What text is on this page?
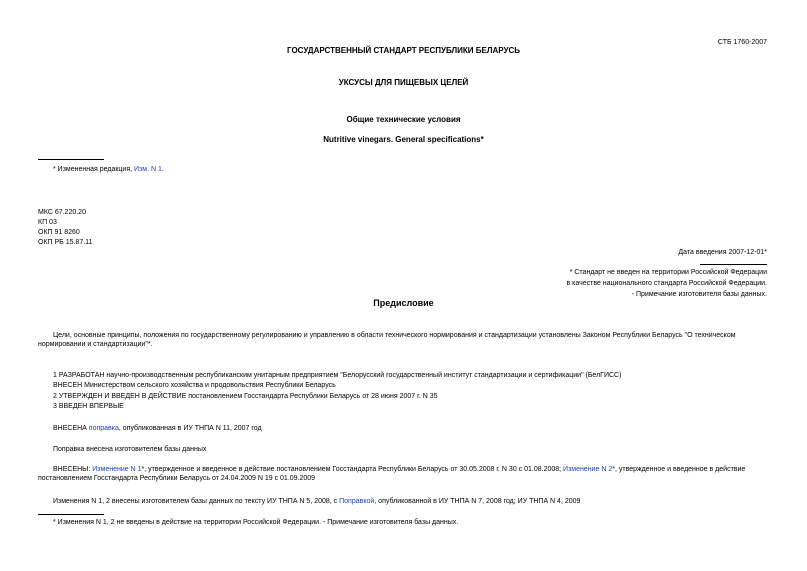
СТБ 1760-2007
ГОСУДАРСТВЕННЫЙ СТАНДАРТ РЕСПУБЛИКИ БЕЛАРУСЬ
УКСУСЫ ДЛЯ ПИЩЕВЫХ ЦЕЛЕЙ
Общие технические условия
Nutritive vinegars. General specifications*
* Измененная редакция, Изм. N 1.
МКС 67.220.20
КП 03
ОКП 91 8260
ОКП РБ 15.87.11
Дата введения 2007-12-01*
* Стандарт не введен на территории Российской Федерации
в качестве национального стандарта Российской Федерации.
- Примечание изготовителя базы данных.
Предисловие
Цели, основные принципы, положения по государственному регулированию и управлению в области технического нормирования и стандартизации установлены Законом Республики Беларусь "О техническом нормировании и стандартизации"*.
1 РАЗРАБОТАН научно-производственным республиканским унитарным предприятием "Белорусский государственный институт стандартизации и сертификации" (БелГИСС)
ВНЕСЕН Министерством сельского хозяйства и продовольствия Республики Беларусь
2 УТВЕРЖДЕН И ВВЕДЕН В ДЕЙСТВИЕ постановлением Госстандарта Республики Беларусь от 28 июня 2007 г. N 35
3 ВВЕДЕН ВПЕРВЫЕ
ВНЕСЕНА поправка, опубликованная в ИУ ТНПА N 11, 2007 год
Поправка внесена изготовителем базы данных
ВНЕСЕНЫ: Изменение N 1*, утвержденное и введенное в действие постановлением Госстандарта Республики Беларусь от 30.05.2008 г. N 30 с 01.08.2008; Изменение N 2*, утвержденное и введенное в действие постановлением Госстандарта Республики Беларусь от 24.04.2009 N 19 с 01.09.2009
Изменения N 1, 2 внесены изготовителем базы данных по тексту ИУ ТНПА N 5, 2008, с Поправкой, опубликованной в ИУ ТНПА N 7, 2008 год; ИУ ТНПА N 4, 2009
* Изменения N 1, 2 не введены в действие на территории Российской Федерации. - Примечание изготовителя базы данных.
